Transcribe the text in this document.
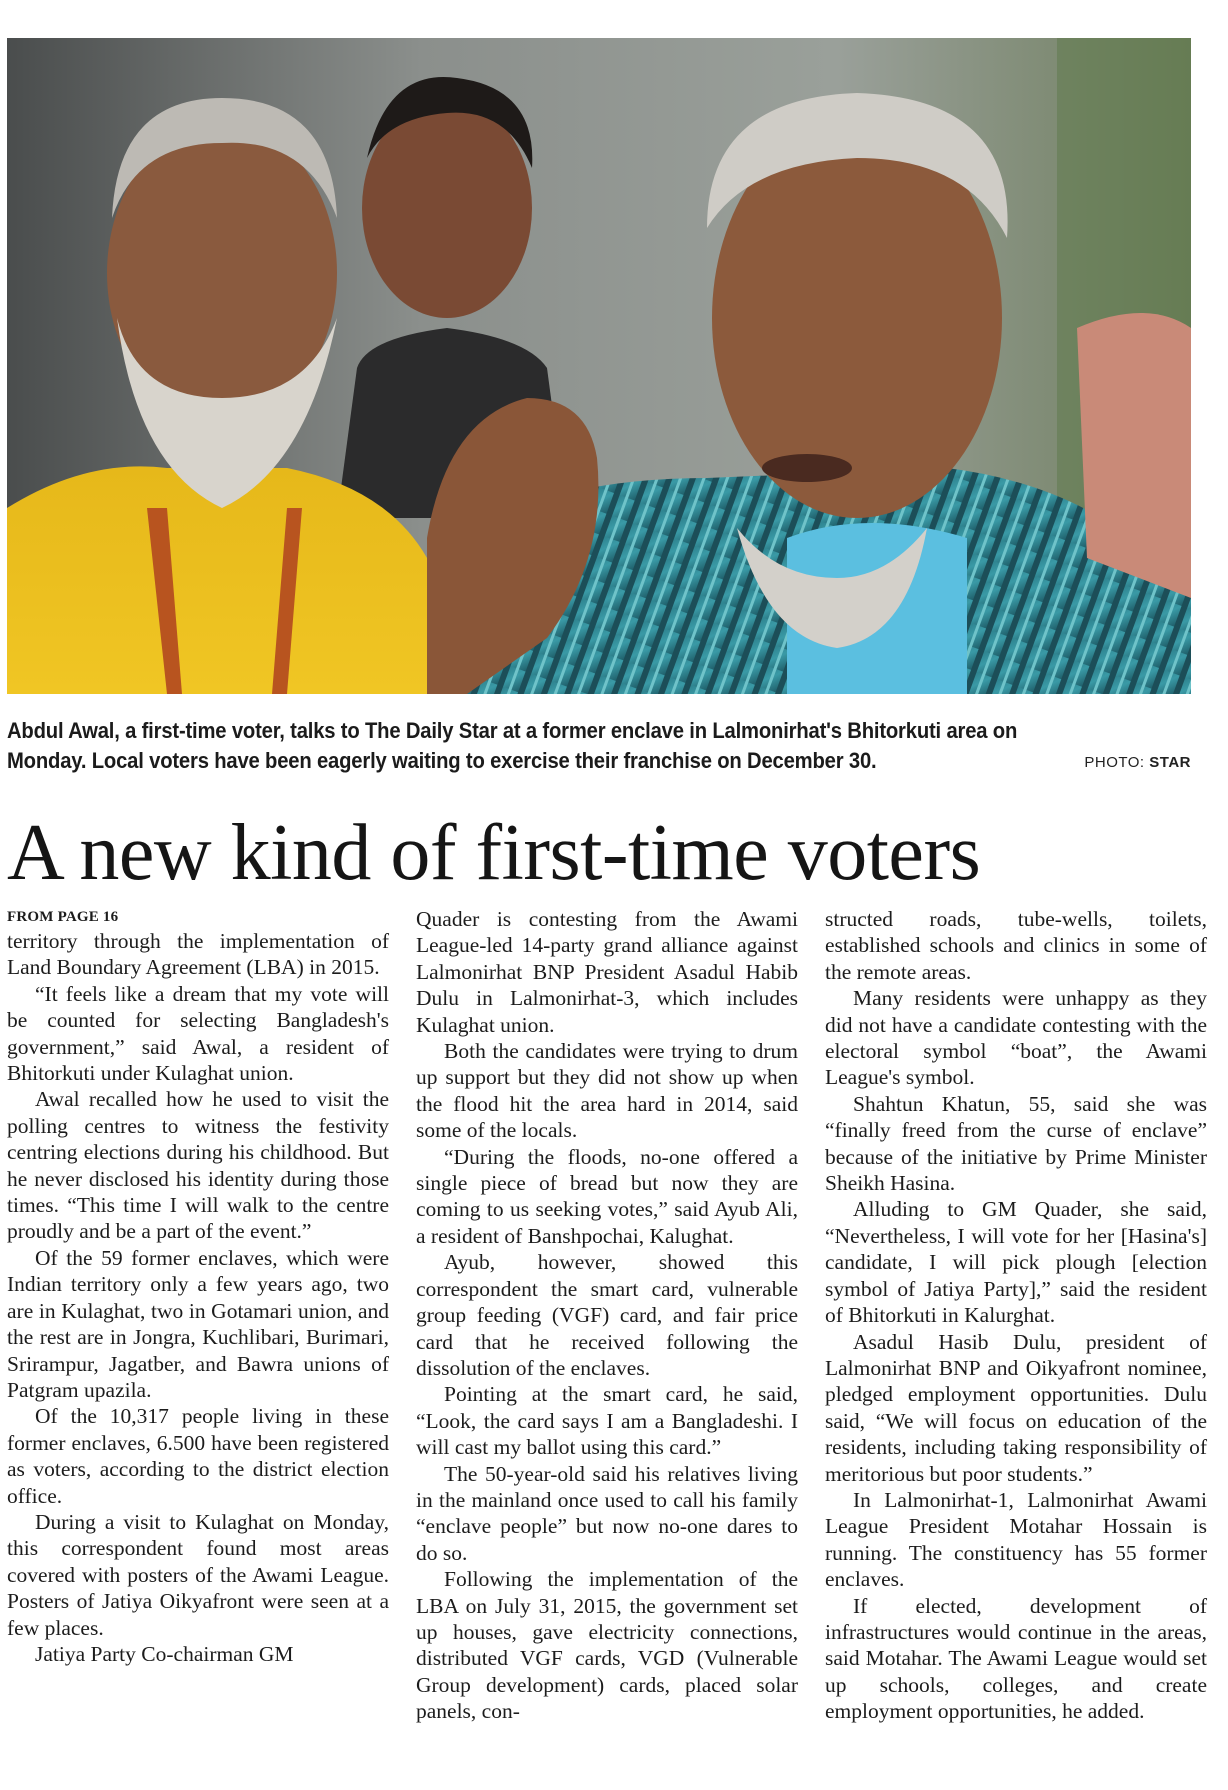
Abdul Awal, a first-time voter, talks to The Daily Star at a former enclave in Lalmonirhat's Bhitorkuti area on Monday. Local voters have been eagerly waiting to exercise their franchise on December 30.	PHOTO: STAR
A new kind of first-time voters
FROM PAGE 16

territory through the implementation of Land Boundary Agreement (LBA) in 2015.

“It feels like a dream that my vote will be counted for selecting Bangladesh's government,” said Awal, a resident of Bhitorkuti under Kulaghat union.

Awal recalled how he used to visit the polling centres to witness the festivity centring elections during his childhood. But he never disclosed his identity during those times. “This time I will walk to the centre proudly and be a part of the event.”

Of the 59 former enclaves, which were Indian territory only a few years ago, two are in Kulaghat, two in Gotamari union, and the rest are in Jongra, Kuchlibari, Burimari, Srirampur, Jagatber, and Bawra unions of Patgram upazila.

Of the 10,317 people living in these former enclaves, 6.500 have been registered as voters, according to the district election office.

During a visit to Kulaghat on Monday, this correspondent found most areas covered with posters of the Awami League. Posters of Jatiya Oikyafront were seen at a few places.

Jatiya Party Co-chairman GM

Quader is contesting from the Awami League-led 14-party grand alliance against Lalmonirhat BNP President Asadul Habib Dulu in Lalmonirhat-3, which includes Kulaghat union.

Both the candidates were trying to drum up support but they did not show up when the flood hit the area hard in 2014, said some of the locals.

“During the floods, no-one offered a single piece of bread but now they are coming to us seeking votes,” said Ayub Ali, a resident of Banshpochai, Kalughat.

Ayub, however, showed this correspondent the smart card, vulnerable group feeding (VGF) card, and fair price card that he received following the dissolution of the enclaves.

Pointing at the smart card, he said, “Look, the card says I am a Bangladeshi. I will cast my ballot using this card.”

The 50-year-old said his relatives living in the mainland once used to call his family “enclave people” but now no-one dares to do so.

Following the implementation of the LBA on July 31, 2015, the government set up houses, gave electricity connections, distributed VGF cards, VGD (Vulnerable Group development) cards, placed solar panels, con-

structed roads, tube-wells, toilets, established schools and clinics in some of the remote areas.

Many residents were unhappy as they did not have a candidate contesting with the electoral symbol “boat”, the Awami League's symbol.

Shahtun Khatun, 55, said she was “finally freed from the curse of enclave” because of the initiative by Prime Minister Sheikh Hasina.

Alluding to GM Quader, she said, “Nevertheless, I will vote for her [Hasina's] candidate, I will pick plough [election symbol of Jatiya Party],” said the resident of Bhitorkuti in Kalurghat.

Asadul Hasib Dulu, president of Lalmonirhat BNP and Oikyafront nominee, pledged employment opportunities. Dulu said, “We will focus on education of the residents, including taking responsibility of meritorious but poor students.”

In Lalmonirhat-1, Lalmonirhat Awami League President Motahar Hossain is running. The constituency has 55 former enclaves.

If elected, development of infrastructures would continue in the areas, said Motahar. The Awami League would set up schools, colleges, and create employment opportunities, he added.
